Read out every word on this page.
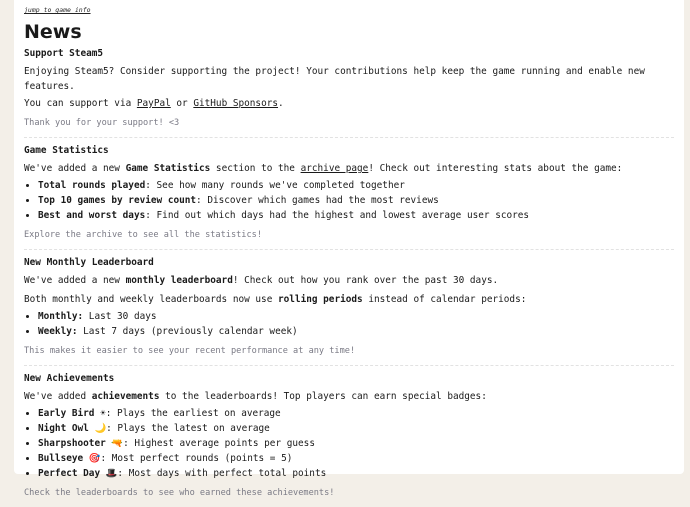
jump to game info
News
Support Steam5

Enjoying Steam5? Consider supporting the project! Your contributions help keep the game running and enable new features.

You can support via PayPal or GitHub Sponsors.

Thank you for your support! <3

Game Statistics

We've added a new Game Statistics section to the archive page! Check out interesting stats about the game:

• Total rounds played: See how many rounds we've completed together
• Top 10 games by review count: Discover which games had the most reviews
• Best and worst days: Find out which days had the highest and lowest average user scores

Explore the archive to see all the statistics!

New Monthly Leaderboard

We've added a new monthly leaderboard! Check out how you rank over the past 30 days.

Both monthly and weekly leaderboards now use rolling periods instead of calendar periods:

• Monthly: Last 30 days
• Weekly: Last 7 days (previously calendar week)

This makes it easier to see your recent performance at any time!

New Achievements

We've added achievements to the leaderboards! Top players can earn special badges:

• Early Bird ☀: Plays the earliest on average
• Night Owl 🌙: Plays the latest on average
• Sharpshooter 🔫: Highest average points per guess
• Bullseye 🎯: Most perfect rounds (points = 5)
• Perfect Day 🎩: Most days with perfect total points

Check the leaderboards to see who earned these achievements!
